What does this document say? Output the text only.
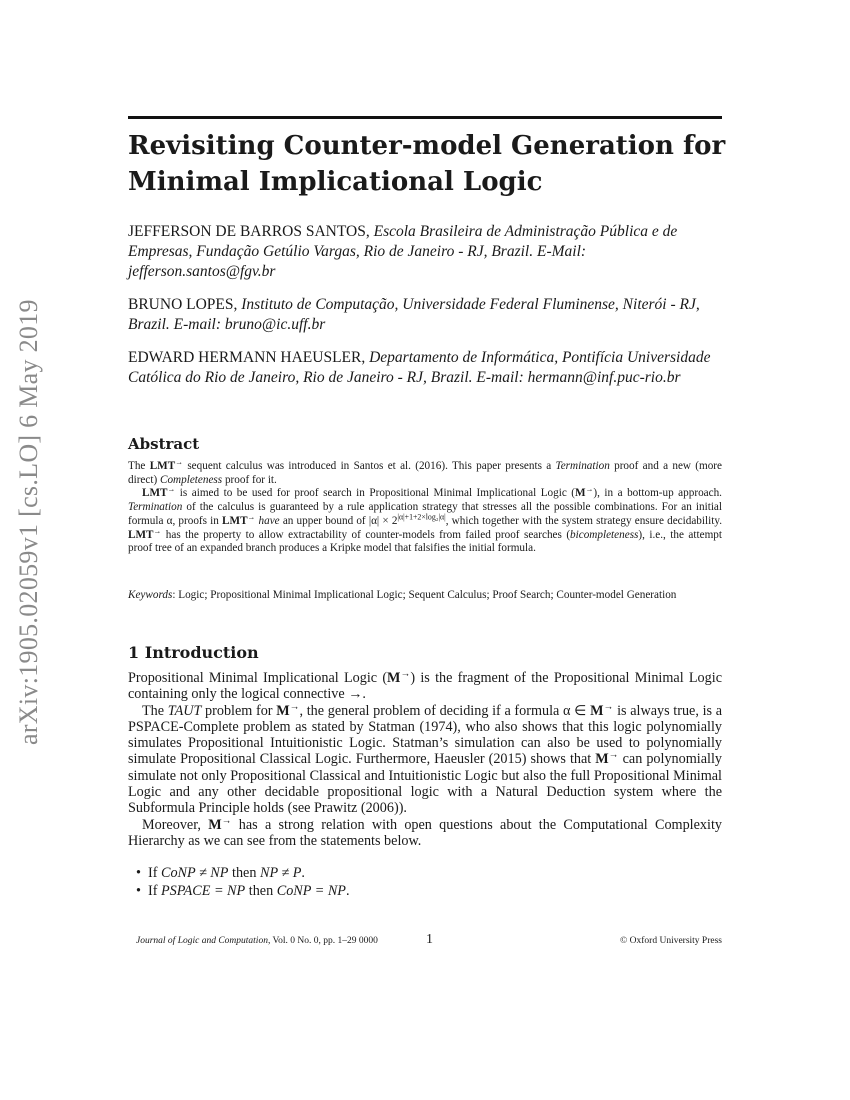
arXiv:1905.02059v1 [cs.LO] 6 May 2019
Revisiting Counter-model Generation for Minimal Implicational Logic
JEFFERSON DE BARROS SANTOS, Escola Brasileira de Administração Pública e de Empresas, Fundação Getúlio Vargas, Rio de Janeiro - RJ, Brazil. E-Mail: jefferson.santos@fgv.br
BRUNO LOPES, Instituto de Computação, Universidade Federal Fluminense, Niterói - RJ, Brazil. E-mail: bruno@ic.uff.br
EDWARD HERMANN HAEUSLER, Departamento de Informática, Pontifícia Universidade Católica do Rio de Janeiro, Rio de Janeiro - RJ, Brazil. E-mail: hermann@inf.puc-rio.br
Abstract

The LMT→ sequent calculus was introduced in Santos et al. (2016). This paper presents a Termination proof and a new (more direct) Completeness proof for it.

LMT→ is aimed to be used for proof search in Propositional Minimal Implicational Logic (M→), in a bottom-up approach. Termination of the calculus is guaranteed by a rule application strategy that stresses all the possible combinations. For an initial formula α, proofs in LMT→ have an upper bound of $|\alpha| \times 2^{|\alpha|+1+2\times log_2|\alpha|}$, which together with the system strategy ensure decidability. LMT→ has the property to allow extractability of counter-models from failed proof searches (bicompleteness), i.e., the attempt proof tree of an expanded branch produces a Kripke model that falsifies the initial formula.

Keywords: Logic; Propositional Minimal Implicational Logic; Sequent Calculus; Proof Search; Counter-model Generation
1 Introduction

Propositional Minimal Implicational Logic (M→) is the fragment of the Propositional Minimal Logic containing only the logical connective →.

The TAUT problem for M→, the general problem of deciding if a formula α ∈ M→ is always true, is a PSPACE-Complete problem as stated by Statman (1974), who also shows that this logic polynomially simulates Propositional Intuitionistic Logic. Statman’s simulation can also be used to polynomially simulate Propositional Classical Logic. Furthermore, Haeusler (2015) shows that M→ can polynomially simulate not only Propositional Classical and Intuitionistic Logic but also the full Propositional Minimal Logic and any other decidable propositional logic with a Natural Deduction system where the Subformula Principle holds (see Prawitz (2006)).

Moreover, M→ has a strong relation with open questions about the Computational Complexity Hierarchy as we can see from the statements below.

• If CoNP ≠ NP then NP ≠ P.
• If PSPACE = NP then CoNP = NP.
Journal of Logic and Computation, Vol. 0 No. 0, pp. 1–29 0000	1	© Oxford University Press
